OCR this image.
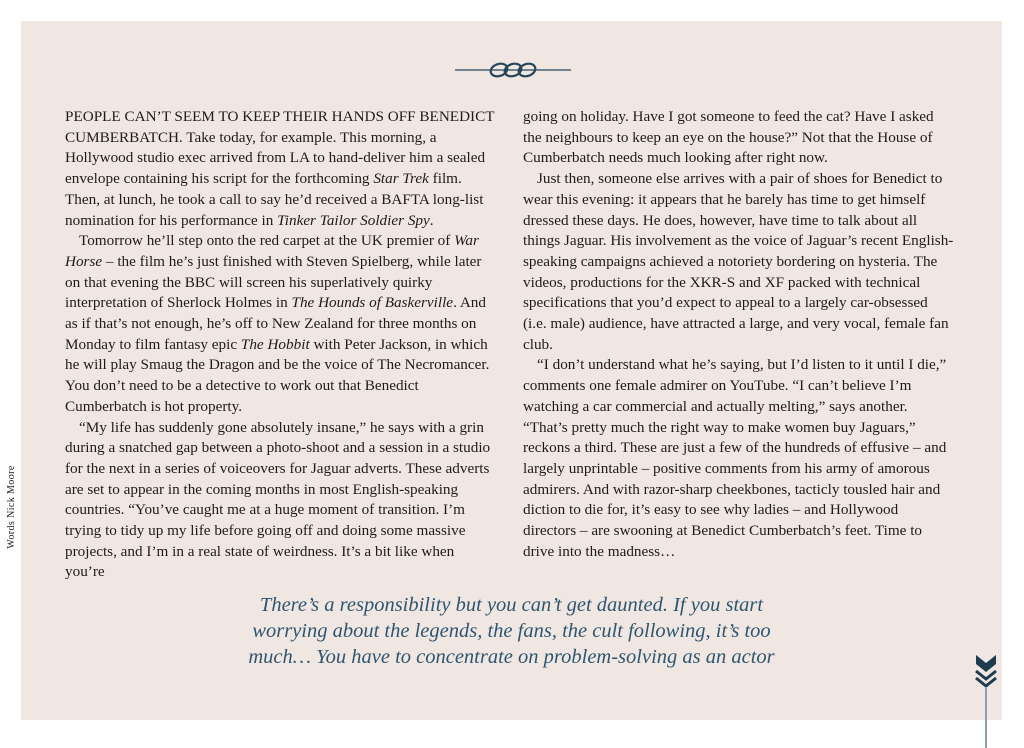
PEOPLE CAN’T SEEM TO KEEP THEIR HANDS OFF BENEDICT CUMBERBATCH. Take today, for example. This morning, a Hollywood studio exec arrived from LA to hand-deliver him a sealed envelope containing his script for the forthcoming Star Trek film. Then, at lunch, he took a call to say he’d received a BAFTA long-list nomination for his performance in Tinker Tailor Soldier Spy.

Tomorrow he’ll step onto the red carpet at the UK premier of War Horse – the film he’s just finished with Steven Spielberg, while later on that evening the BBC will screen his superlatively quirky interpretation of Sherlock Holmes in The Hounds of Baskerville. And as if that’s not enough, he’s off to New Zealand for three months on Monday to film fantasy epic The Hobbit with Peter Jackson, in which he will play Smaug the Dragon and be the voice of The Necromancer. You don’t need to be a detective to work out that Benedict Cumberbatch is hot property.

“My life has suddenly gone absolutely insane,” he says with a grin during a snatched gap between a photo-shoot and a session in a studio for the next in a series of voiceovers for Jaguar adverts. These adverts are set to appear in the coming months in most English-speaking countries. “You’ve caught me at a huge moment of transition. I’m trying to tidy up my life before going off and doing some massive projects, and I’m in a real state of weirdness. It’s a bit like when you’re

going on holiday. Have I got someone to feed the cat? Have I asked the neighbours to keep an eye on the house?” Not that the House of Cumberbatch needs much looking after right now.

Just then, someone else arrives with a pair of shoes for Benedict to wear this evening: it appears that he barely has time to get himself dressed these days. He does, however, have time to talk about all things Jaguar. His involvement as the voice of Jaguar’s recent English-speaking campaigns achieved a notoriety bordering on hysteria. The videos, productions for the XKR-S and XF packed with technical specifications that you’d expect to appeal to a largely car-obsessed (i.e. male) audience, have attracted a large, and very vocal, female fan club.

“I don’t understand what he’s saying, but I’d listen to it until I die,” comments one female admirer on YouTube. “I can’t believe I’m watching a car commercial and actually melting,” says another. “That’s pretty much the right way to make women buy Jaguars,” reckons a third. These are just a few of the hundreds of effusive – and largely unprintable – positive comments from his army of amorous admirers. And with razor-sharp cheekbones, tacticly tousled hair and diction to die for, it’s easy to see why ladies – and Hollywood directors – are swooning at Benedict Cumberbatch’s feet. Time to drive into the madness…

There’s a responsibility but you can’t get daunted. If you start
worrying about the legends, the fans, the cult following, it’s too
much… You have to concentrate on problem-solving as an actor
Words Nick Moore
